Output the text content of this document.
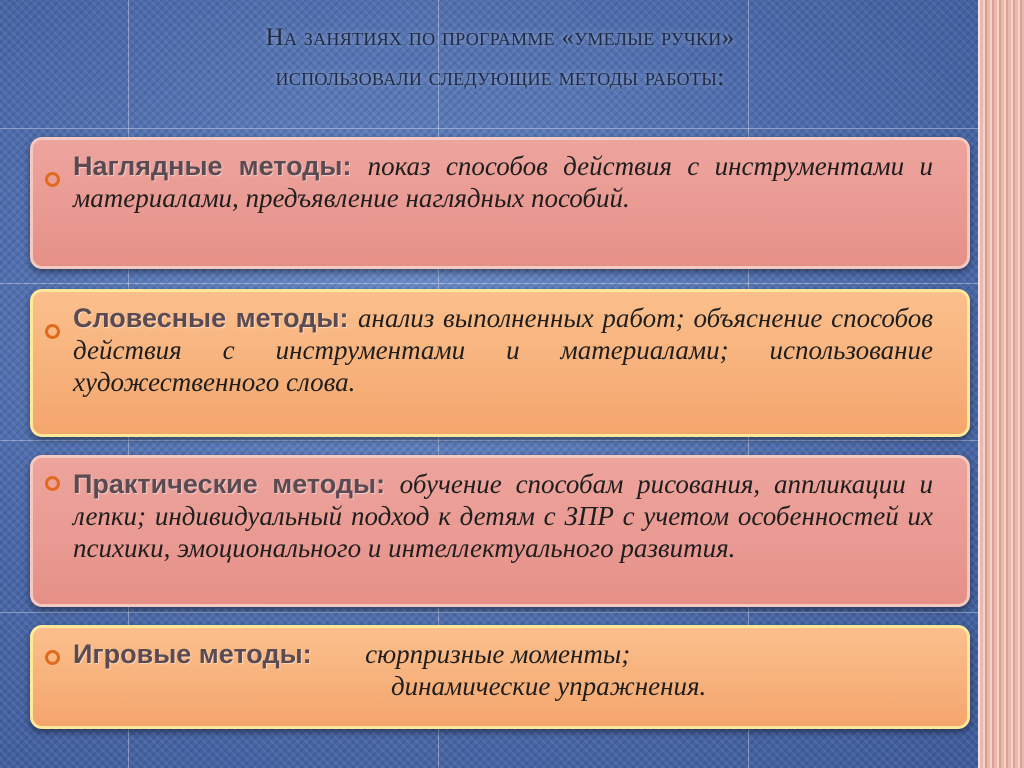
На занятиях по программе «умелые ручки»
использовали следующие методы работы:
Наглядные методы: показ способов действия с инструментами и материалами, предъявление наглядных пособий.
Словесные методы: анализ выполненных работ; объяснение способов действия с инструментами и материалами; использование художественного слова.
Практические методы: обучение способам рисования, аппликации и лепки; индивидуальный подход к детям с ЗПР с учетом особенностей их психики, эмоционального и интеллектуального развития.
Игровые методы: сюрпризные моменты;
динамические упражнения.
